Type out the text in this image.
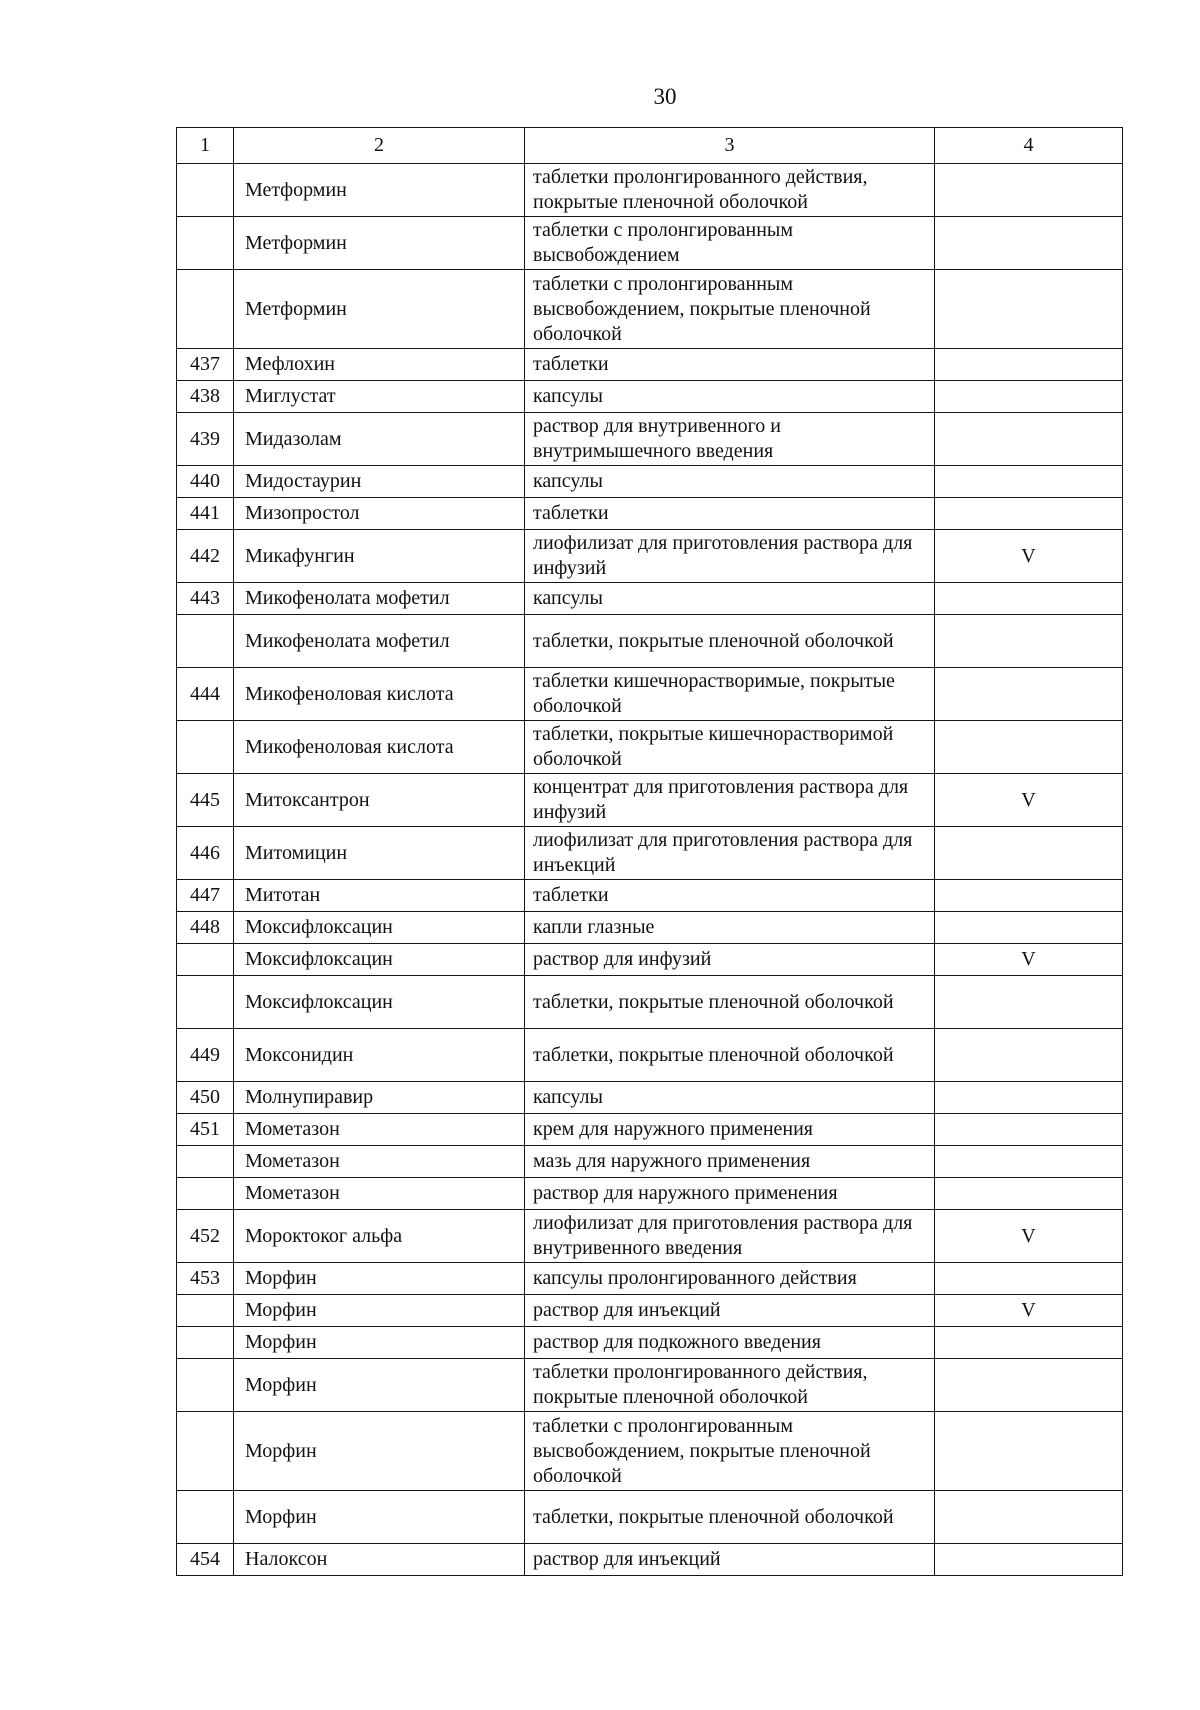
30
1	2	3	4
	Метформин	таблетки пролонгированного действия, покрытые пленочной оболочкой	
	Метформин	таблетки с пролонгированным высвобождением	
	Метформин	таблетки с пролонгированным высвобождением, покрытые пленочной оболочкой	
437	Мефлохин	таблетки	
438	Миглустат	капсулы	
439	Мидазолам	раствор для внутривенного и внутримышечного введения	
440	Мидостаурин	капсулы	
441	Мизопростол	таблетки	
442	Микафунгин	лиофилизат для приготовления раствора для инфузий	V
443	Микофенолата мофетил	капсулы	
	Микофенолата мофетил	таблетки, покрытые пленочной оболочкой	
444	Микофеноловая кислота	таблетки кишечнорастворимые, покрытые оболочкой	
	Микофеноловая кислота	таблетки, покрытые кишечнорастворимой оболочкой	
445	Митоксантрон	концентрат для приготовления раствора для инфузий	V
446	Митомицин	лиофилизат для приготовления раствора для инъекций	
447	Митотан	таблетки	
448	Моксифлоксацин	капли глазные	
	Моксифлоксацин	раствор для инфузий	V
	Моксифлоксацин	таблетки, покрытые пленочной оболочкой	
449	Моксонидин	таблетки, покрытые пленочной оболочкой	
450	Молнупиравир	капсулы	
451	Мометазон	крем для наружного применения	
	Мометазон	мазь для наружного применения	
	Мометазон	раствор для наружного применения	
452	Мороктоког альфа	лиофилизат для приготовления раствора для внутривенного введения	V
453	Морфин	капсулы пролонгированного действия	
	Морфин	раствор для инъекций	V
	Морфин	раствор для подкожного введения	
	Морфин	таблетки пролонгированного действия, покрытые пленочной оболочкой	
	Морфин	таблетки с пролонгированным высвобождением, покрытые пленочной оболочкой	
	Морфин	таблетки, покрытые пленочной оболочкой	
454	Налоксон	раствор для инъекций	
